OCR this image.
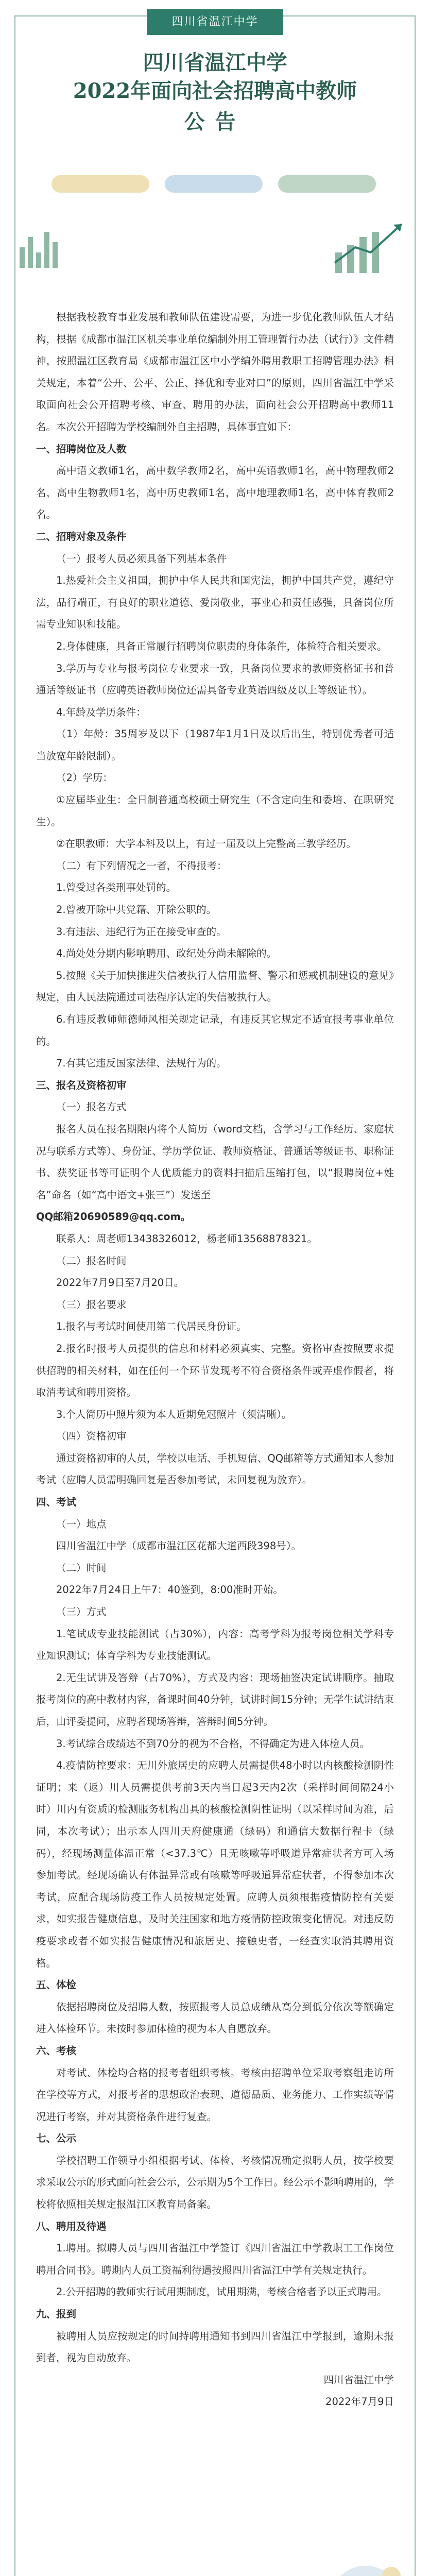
四川省温江中学
四川省温江中学
2022年面向社会招聘高中教师
公告

根据我校教育事业发展和教师队伍建设需要，为进一步优化教师队伍人才结构，根据《成都市温江区机关事业单位编制外用工管理暂行办法（试行）》文件精神，按照温江区教育局《成都市温江区中小学编外聘用教职工招聘管理办法》相关规定，本着“公开、公平、公正、择优和专业对口”的原则，四川省温江中学采取面向社会公开招聘考核、审查、聘用的办法，面向社会公开招聘高中教师11名。本次公开招聘为学校编制外自主招聘，具体事宜如下：

一、招聘岗位及人数

高中语文教师1名，高中数学教师2名，高中英语教师1名，高中物理教师2名，高中生物教师1名，高中历史教师1名，高中地理教师1名，高中体育教师2名。

二、招聘对象及条件

（一）报考人员必须具备下列基本条件

1.热爱社会主义祖国，拥护中华人民共和国宪法，拥护中国共产党，遵纪守法，品行端正，有良好的职业道德、爱岗敬业，事业心和责任感强，具备岗位所需专业知识和技能。

2.身体健康，具备正常履行招聘岗位职责的身体条件，体检符合相关要求。

3.学历与专业与报考岗位专业要求一致，具备岗位要求的教师资格证书和普通话等级证书（应聘英语教师岗位还需具备专业英语四级及以上等级证书）。

4.年龄及学历条件：

（1）年龄：35周岁及以下（1987年1月1日及以后出生，特别优秀者可适当放宽年龄限制）。

（2）学历：

①应届毕业生：全日制普通高校硕士研究生（不含定向生和委培、在职研究生）。

②在职教师：大学本科及以上，有过一届及以上完整高三教学经历。

（二）有下列情况之一者，不得报考：

1.曾受过各类刑事处罚的。

2.曾被开除中共党籍、开除公职的。

3.有违法、违纪行为正在接受审查的。

4.尚处处分期内影响聘用、政纪处分尚未解除的。

5.按照《关于加快推进失信被执行人信用监督、警示和惩戒机制建设的意见》规定，由人民法院通过司法程序认定的失信被执行人。

6.有违反教师师德师风相关规定记录，有违反其它规定不适宜报考事业单位的。

7.有其它违反国家法律、法规行为的。

三、报名及资格初审

（一）报名方式

报名人员在报名期限内将个人简历（word文档，含学习与工作经历、家庭状况与联系方式等）、身份证、学历学位证、教师资格证、普通话等级证书、职称证书、获奖证书等可证明个人优质能力的资料扫描后压缩打包，以“报聘岗位+姓名”命名（如“高中语文+张三”）发送至

QQ邮箱20690589@qq.com。

联系人：周老师13438326012，杨老师13568878321。

（二）报名时间

2022年7月9日至7月20日。

（三）报名要求

1.报名与考试时间使用第二代居民身份证。

2.报名时报考人员提供的信息和材料必须真实、完整。资格审查按照要求提供招聘的相关材料，如在任何一个环节发现考不符合资格条件或弄虚作假者，将取消考试和聘用资格。

3.个人简历中照片须为本人近期免冠照片（须清晰）。

（四）资格初审

通过资格初审的人员，学校以电话、手机短信、QQ邮箱等方式通知本人参加考试（应聘人员需明确回复是否参加考试，未回复视为放弃）。

四、考试

（一）地点

四川省温江中学（成都市温江区花都大道西段398号）。

（二）时间

2022年7月24日上午7：40签到，8:00准时开始。

（三）方式

1.笔试成专业技能测试（占30%），内容：高考学科为报考岗位相关学科专业知识测试；体育学科为专业技能测试。

2.无生试讲及答辩（占70%），方式及内容：现场抽签决定试讲顺序。抽取报考岗位的高中教材内容，备课时间40分钟，试讲时间15分钟；无学生试讲结束后，由评委提问，应聘者现场答辩，答辩时间5分钟。

3.考试综合成绩达不到70分的视为不合格，不得确定为进入体检人员。

4.疫情防控要求：无川外旅居史的应聘人员需提供48小时以内核酸检测阴性证明；来（返）川人员需提供考前3天内当日起3天内2次（采样时间间隔24小时）川内有资质的检测服务机构出具的核酸检测阴性证明（以采样时间为准，后同，本次考试）；出示本人四川天府健康通（绿码）和通信大数据行程卡（绿码），经现场测量体温正常（<37.3℃）且无咳嗽等呼吸道异常症状者方可入场参加考试。经现场确认有体温异常或有咳嗽等呼吸道异常症状者，不得参加本次考试，应配合现场防疫工作人员按规定处置。应聘人员须根据疫情防控有关要求，如实报告健康信息，及时关注国家和地方疫情防控政策变化情况。对违反防疫要求或者不如实报告健康情况和旅居史、接触史者，一经查实取消其聘用资格。

五、体检

依据招聘岗位及招聘人数，按照报考人员总成绩从高分到低分依次等额确定进入体检环节。未按时参加体检的视为本人自愿放弃。

六、考核

对考试、体检均合格的报考者组织考核。考核由招聘单位采取考察组走访所在学校等方式，对报考者的思想政治表现、道德品质、业务能力、工作实绩等情况进行考察，并对其资格条件进行复查。

七、公示

学校招聘工作领导小组根据考试、体检、考核情况确定拟聘人员，按学校要求采取公示的形式面向社会公示，公示期为5个工作日。经公示不影响聘用的，学校将依照相关规定报温江区教育局备案。

八、聘用及待遇

1.聘用。拟聘人员与四川省温江中学签订《四川省温江中学教职工工作岗位聘用合同书》。聘期内人员工资福利待遇按照四川省温江中学有关规定执行。

2.公开招聘的教师实行试用期制度，试用期满，考核合格者予以正式聘用。

九、报到

被聘用人员应按规定的时间持聘用通知书到四川省温江中学报到，逾期未报到者，视为自动放弃。

四川省温江中学

2022年7月9日
